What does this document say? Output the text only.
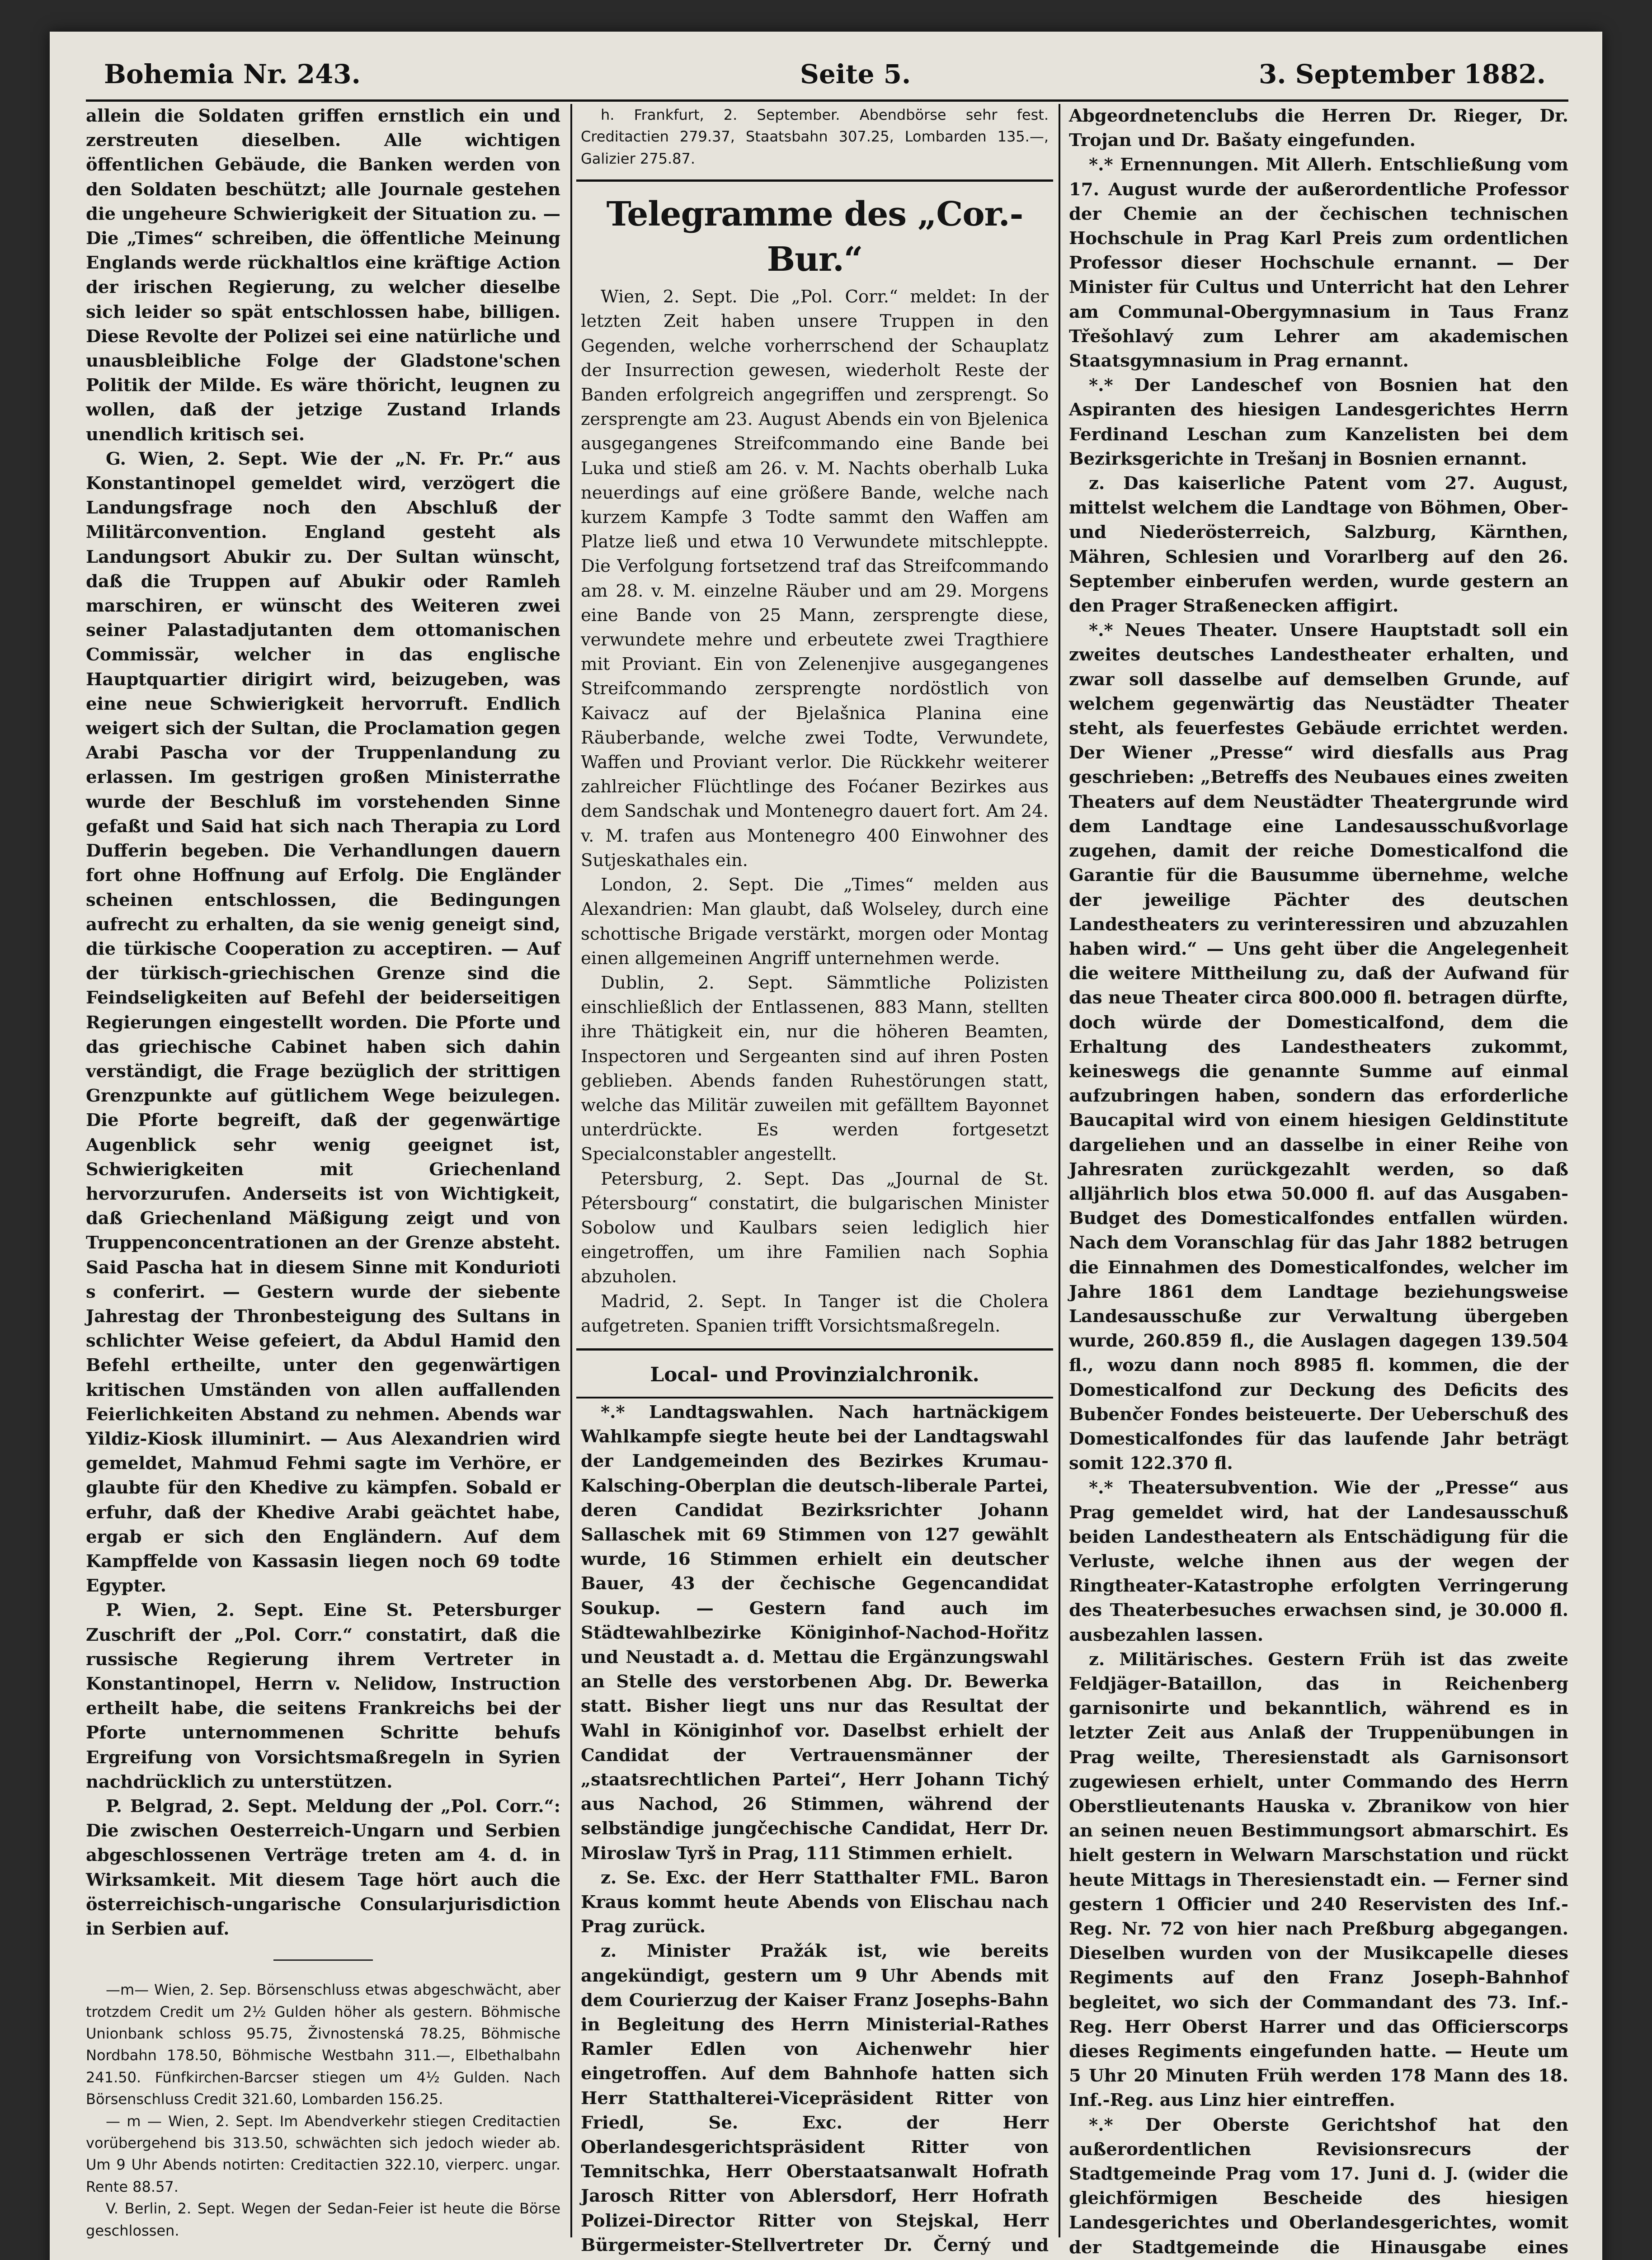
Bohemia Nr. 243.	Seite 5.	3. September 1882.

allein die Soldaten griffen ernstlich ein und zerstreuten dieselben. Alle wichtigen öffentlichen Gebäude, die Banken werden von den Soldaten beschützt; alle Journale gestehen die ungeheure Schwierigkeit der Situation zu. — Die „Times“ schreiben, die öffentliche Meinung Englands werde rückhaltlos eine kräftige Action der irischen Regierung, zu welcher dieselbe sich leider so spät entschlossen habe, billigen. Diese Revolte der Polizei sei eine natürliche und unausbleibliche Folge der Gladstone'schen Politik der Milde. Es wäre thöricht, leugnen zu wollen, daß der jetzige Zustand Irlands unendlich kritisch sei.

G. Wien, 2. Sept. Wie der „N. Fr. Pr.“ aus Konstantinopel gemeldet wird, verzögert die Landungsfrage noch den Abschluß der Militärconvention. England gesteht als Landungsort Abukir zu. Der Sultan wünscht, daß die Truppen auf Abukir oder Ramleh marschiren, er wünscht des Weiteren zwei seiner Palastadjutanten dem ottomanischen Commissär, welcher in das englische Hauptquartier dirigirt wird, beizugeben, was eine neue Schwierigkeit hervorruft. Endlich weigert sich der Sultan, die Proclamation gegen Arabi Pascha vor der Truppenlandung zu erlassen. Im gestrigen großen Ministerrathe wurde der Beschluß im vorstehenden Sinne gefaßt und Said hat sich nach Therapia zu Lord Dufferin begeben. Die Verhandlungen dauern fort ohne Hoffnung auf Erfolg. Die Engländer scheinen entschlossen, die Bedingungen aufrecht zu erhalten, da sie wenig geneigt sind, die türkische Cooperation zu acceptiren. — Auf der türkisch-griechischen Grenze sind die Feindseligkeiten auf Befehl der beiderseitigen Regierungen eingestellt worden. Die Pforte und das griechische Cabinet haben sich dahin verständigt, die Frage bezüglich der strittigen Grenzpunkte auf gütlichem Wege beizulegen. Die Pforte begreift, daß der gegenwärtige Augenblick sehr wenig geeignet ist, Schwierigkeiten mit Griechenland hervorzurufen. Anderseits ist von Wichtigkeit, daß Griechenland Mäßigung zeigt und von Truppenconcentrationen an der Grenze absteht. Said Pascha hat in diesem Sinne mit Kondurioti s conferirt. — Gestern wurde der siebente Jahrestag der Thronbesteigung des Sultans in schlichter Weise gefeiert, da Abdul Hamid den Befehl ertheilte, unter den gegenwärtigen kritischen Umständen von allen auffallenden Feierlichkeiten Abstand zu nehmen. Abends war Yildiz-Kiosk illuminirt. — Aus Alexandrien wird gemeldet, Mahmud Fehmi sagte im Verhöre, er glaubte für den Khedive zu kämpfen. Sobald er erfuhr, daß der Khedive Arabi geächtet habe, ergab er sich den Engländern. Auf dem Kampffelde von Kassasin liegen noch 69 todte Egypter.

P. Wien, 2. Sept. Eine St. Petersburger Zuschrift der „Pol. Corr.“ constatirt, daß die russische Regierung ihrem Vertreter in Konstantinopel, Herrn v. Nelidow, Instruction ertheilt habe, die seitens Frankreichs bei der Pforte unternommenen Schritte behufs Ergreifung von Vorsichtsmaßregeln in Syrien nachdrücklich zu unterstützen.

P. Belgrad, 2. Sept. Meldung der „Pol. Corr.“: Die zwischen Oesterreich-Ungarn und Serbien abgeschlossenen Verträge treten am 4. d. in Wirksamkeit. Mit diesem Tage hört auch die österreichisch-ungarische Consularjurisdiction in Serbien auf.

—m— Wien, 2. Sep. Börsenschluss etwas abgeschwächt, aber trotzdem Credit um 2½ Gulden höher als gestern. Böhmische Unionbank schloss 95.75, Živnostenská 78.25, Böhmische Nordbahn 178.50, Böhmische Westbahn 311.—, Elbethalbahn 241.50. Fünfkirchen-Barcser stiegen um 4½ Gulden. Nach Börsenschluss Credit 321.60, Lombarden 156.25.

— m — Wien, 2. Sept. Im Abendverkehr stiegen Creditactien vorübergehend bis 313.50, schwächten sich jedoch wieder ab. Um 9 Uhr Abends notirten: Creditactien 322.10, vierperc. ungar. Rente 88.57.

V. Berlin, 2. Sept. Wegen der Sedan-Feier ist heute die Börse geschlossen.

h. Frankfurt, 2. September. Abendbörse sehr fest. Creditactien 279.37, Staatsbahn 307.25, Lombarden 135.—, Galizier 275.87.

Telegramme des „Cor.-Bur.“

Wien, 2. Sept. Die „Pol. Corr.“ meldet: In der letzten Zeit haben unsere Truppen in den Gegenden, welche vorherrschend der Schauplatz der Insurrection gewesen, wiederholt Reste der Banden erfolgreich angegriffen und zersprengt. So zersprengte am 23. August Abends ein von Bjelenica ausgegangenes Streifcommando eine Bande bei Luka und stieß am 26. v. M. Nachts oberhalb Luka neuerdings auf eine größere Bande, welche nach kurzem Kampfe 3 Todte sammt den Waffen am Platze ließ und etwa 10 Verwundete mitschleppte. Die Verfolgung fortsetzend traf das Streifcommando am 28. v. M. einzelne Räuber und am 29. Morgens eine Bande von 25 Mann, zersprengte diese, verwundete mehre und erbeutete zwei Tragthiere mit Proviant. Ein von Zelenenjive ausgegangenes Streifcommando zersprengte nordöstlich von Kaivacz auf der Bjelašnica Planina eine Räuberbande, welche zwei Todte, Verwundete, Waffen und Proviant verlor. Die Rückkehr weiterer zahlreicher Flüchtlinge des Foćaner Bezirkes aus dem Sandschak und Montenegro dauert fort. Am 24. v. M. trafen aus Montenegro 400 Einwohner des Sutjeskathales ein.

London, 2. Sept. Die „Times“ melden aus Alexandrien: Man glaubt, daß Wolseley, durch eine schottische Brigade verstärkt, morgen oder Montag einen allgemeinen Angriff unternehmen werde.

Dublin, 2. Sept. Sämmtliche Polizisten einschließlich der Entlassenen, 883 Mann, stellten ihre Thätigkeit ein, nur die höheren Beamten, Inspectoren und Sergeanten sind auf ihren Posten geblieben. Abends fanden Ruhestörungen statt, welche das Militär zuweilen mit gefälltem Bayonnet unterdrückte. Es werden fortgesetzt Specialconstabler angestellt.

Petersburg, 2. Sept. Das „Journal de St. Pétersbourg“ constatirt, die bulgarischen Minister Sobolow und Kaulbars seien lediglich hier eingetroffen, um ihre Familien nach Sophia abzuholen.

Madrid, 2. Sept. In Tanger ist die Cholera aufgetreten. Spanien trifft Vorsichtsmaßregeln.

Local- und Provinzialchronik.

*.* Landtagswahlen. Nach hartnäckigem Wahlkampfe siegte heute bei der Landtagswahl der Landgemeinden des Bezirkes Krumau-Kalsching-Oberplan die deutsch-liberale Partei, deren Candidat Bezirksrichter Johann Sallaschek mit 69 Stimmen von 127 gewählt wurde, 16 Stimmen erhielt ein deutscher Bauer, 43 der čechische Gegencandidat Soukup. — Gestern fand auch im Städtewahlbezirke Königinhof-Nachod-Hořitz und Neustadt a. d. Mettau die Ergänzungswahl an Stelle des verstorbenen Abg. Dr. Bewerka statt. Bisher liegt uns nur das Resultat der Wahl in Königinhof vor. Daselbst erhielt der Candidat der Vertrauensmänner der „staatsrechtlichen Partei“, Herr Johann Tichý aus Nachod, 26 Stimmen, während der selbständige jungčechische Candidat, Herr Dr. Miroslaw Tyrš in Prag, 111 Stimmen erhielt.

z. Se. Exc. der Herr Statthalter FML. Baron Kraus kommt heute Abends von Elischau nach Prag zurück.

z. Minister Pražák ist, wie bereits angekündigt, gestern um 9 Uhr Abends mit dem Courierzug der Kaiser Franz Josephs-Bahn in Begleitung des Herrn Ministerial-Rathes Ramler Edlen von Aichenwehr hier eingetroffen. Auf dem Bahnhofe hatten sich Herr Statthalterei-Vicepräsident Ritter von Friedl, Se. Exc. der Herr Oberlandesgerichtspräsident Ritter von Temnitschka, Herr Oberstaatsanwalt Hofrath Jarosch Ritter von Ablersdorf, Herr Hofrath Polizei-Director Ritter von Stejskal, Herr Bürgermeister-Stellvertreter Dr. Černý und

Abgeordnetenclubs die Herren Dr. Rieger, Dr. Trojan und Dr. Bašaty eingefunden.

*.* Ernennungen. Mit Allerh. Entschließung vom 17. August wurde der außerordentliche Professor der Chemie an der čechischen technischen Hochschule in Prag Karl Preis zum ordentlichen Professor dieser Hochschule ernannt. — Der Minister für Cultus und Unterricht hat den Lehrer am Communal-Obergymnasium in Taus Franz Třešohlavý zum Lehrer am akademischen Staatsgymnasium in Prag ernannt.

*.* Der Landeschef von Bosnien hat den Aspiranten des hiesigen Landesgerichtes Herrn Ferdinand Leschan zum Kanzelisten bei dem Bezirksgerichte in Trešanj in Bosnien ernannt.

z. Das kaiserliche Patent vom 27. August, mittelst welchem die Landtage von Böhmen, Ober- und Niederösterreich, Salzburg, Kärnthen, Mähren, Schlesien und Vorarlberg auf den 26. September einberufen werden, wurde gestern an den Prager Straßenecken affigirt.

*.* Neues Theater. Unsere Hauptstadt soll ein zweites deutsches Landestheater erhalten, und zwar soll dasselbe auf demselben Grunde, auf welchem gegenwärtig das Neustädter Theater steht, als feuerfestes Gebäude errichtet werden. Der Wiener „Presse“ wird diesfalls aus Prag geschrieben: „Betreffs des Neubaues eines zweiten Theaters auf dem Neustädter Theatergrunde wird dem Landtage eine Landesausschußvorlage zugehen, damit der reiche Domesticalfond die Garantie für die Bausumme übernehme, welche der jeweilige Pächter des deutschen Landestheaters zu verinteressiren und abzuzahlen haben wird.“ — Uns geht über die Angelegenheit die weitere Mittheilung zu, daß der Aufwand für das neue Theater circa 800.000 fl. betragen dürfte, doch würde der Domesticalfond, dem die Erhaltung des Landestheaters zukommt, keineswegs die genannte Summe auf einmal aufzubringen haben, sondern das erforderliche Baucapital wird von einem hiesigen Geldinstitute dargeliehen und an dasselbe in einer Reihe von Jahresraten zurückgezahlt werden, so daß alljährlich blos etwa 50.000 fl. auf das Ausgaben-Budget des Domesticalfondes entfallen würden. Nach dem Voranschlag für das Jahr 1882 betrugen die Einnahmen des Domesticalfondes, welcher im Jahre 1861 dem Landtage beziehungsweise Landesausschuße zur Verwaltung übergeben wurde, 260.859 fl., die Auslagen dagegen 139.504 fl., wozu dann noch 8985 fl. kommen, die der Domesticalfond zur Deckung des Deficits des Bubenčer Fondes beisteuerte. Der Ueberschuß des Domesticalfondes für das laufende Jahr beträgt somit 122.370 fl.

*.* Theatersubvention. Wie der „Presse“ aus Prag gemeldet wird, hat der Landesausschuß beiden Landestheatern als Entschädigung für die Verluste, welche ihnen aus der wegen der Ringtheater-Katastrophe erfolgten Verringerung des Theaterbesuches erwachsen sind, je 30.000 fl. ausbezahlen lassen.

z. Militärisches. Gestern Früh ist das zweite Feldjäger-Bataillon, das in Reichenberg garnisonirte und bekanntlich, während es in letzter Zeit aus Anlaß der Truppenübungen in Prag weilte, Theresienstadt als Garnisonsort zugewiesen erhielt, unter Commando des Herrn Oberstlieutenants Hauska v. Zbranikow von hier an seinen neuen Bestimmungsort abmarschirt. Es hielt gestern in Welwarn Marschstation und rückt heute Mittags in Theresienstadt ein. — Ferner sind gestern 1 Officier und 240 Reservisten des Inf.-Reg. Nr. 72 von hier nach Preßburg abgegangen. Dieselben wurden von der Musikcapelle dieses Regiments auf den Franz Joseph-Bahnhof begleitet, wo sich der Commandant des 73. Inf.-Reg. Herr Oberst Harrer und das Officierscorps dieses Regiments eingefunden hatte. — Heute um 5 Uhr 20 Minuten Früh werden 178 Mann des 18. Inf.-Reg. aus Linz hier eintreffen.

*.* Der Oberste Gerichtshof hat den außerordentlichen Revisionsrecurs der Stadtgemeinde Prag vom 17. Juni d. J. (wider die gleichförmigen Bescheide des hiesigen Landesgerichtes und Oberlandesgerichtes, womit der Stadtgemeinde die Hinausgabe eines
